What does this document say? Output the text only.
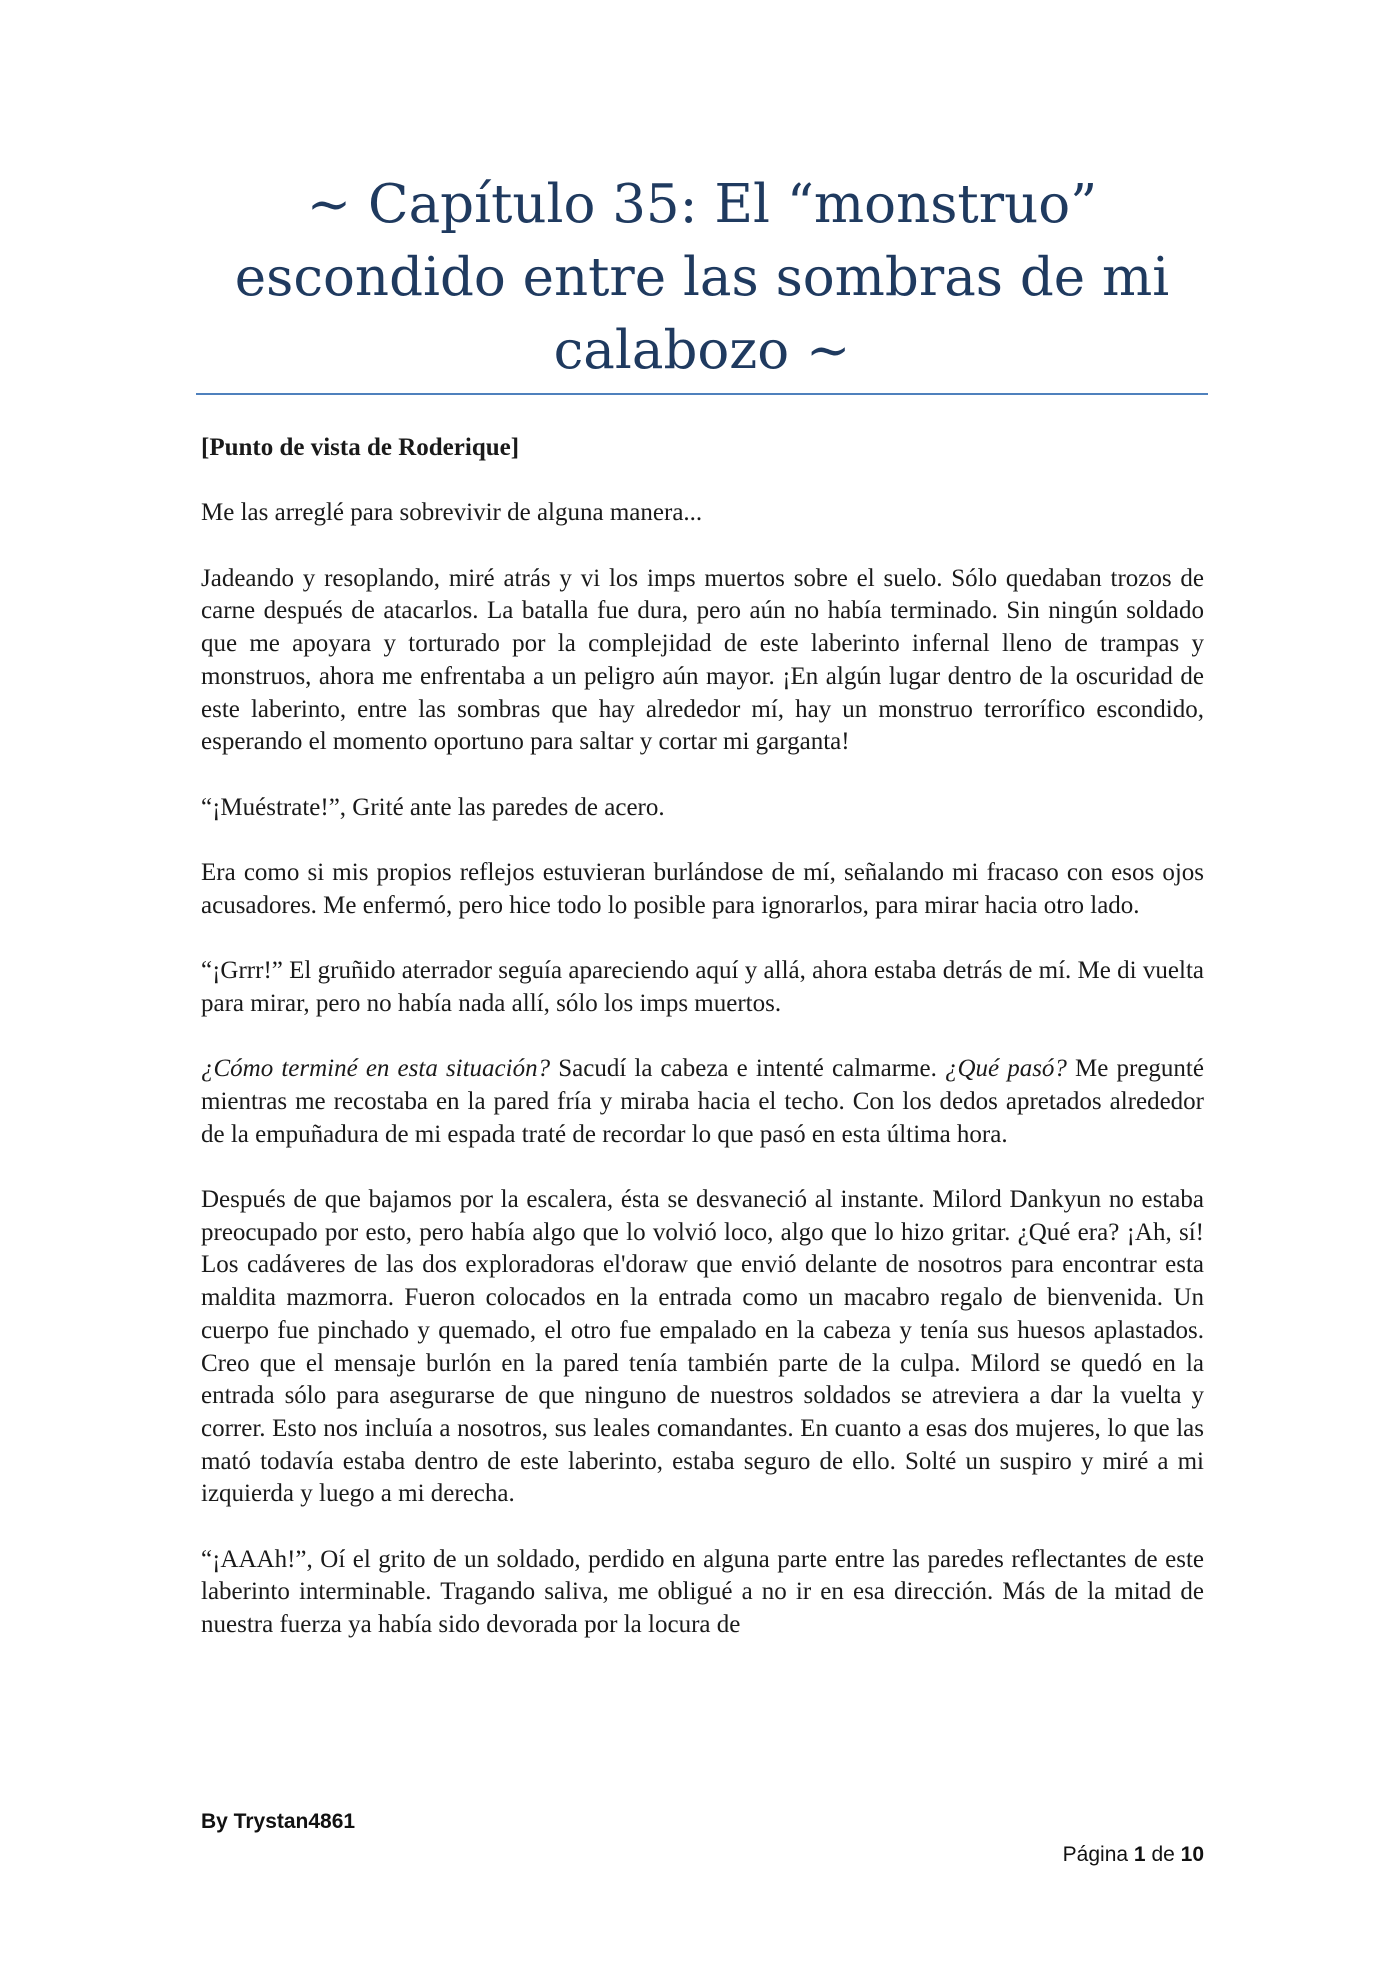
~ Capítulo 35: El “monstruo”
escondido entre las sombras de mi
calabozo ~

[Punto de vista de Roderique]

Me las arreglé para sobrevivir de alguna manera...

Jadeando y resoplando, miré atrás y vi los imps muertos sobre el suelo. Sólo quedaban trozos de carne después de atacarlos. La batalla fue dura, pero aún no había terminado. Sin ningún soldado que me apoyara y torturado por la complejidad de este laberinto infernal lleno de trampas y monstruos, ahora me enfrentaba a un peligro aún mayor. ¡En algún lugar dentro de la oscuridad de este laberinto, entre las sombras que hay alrededor mí, hay un monstruo terrorífico escondido, esperando el momento oportuno para saltar y cortar mi garganta!

“¡Muéstrate!”, Grité ante las paredes de acero.

Era como si mis propios reflejos estuvieran burlándose de mí, señalando mi fracaso con esos ojos acusadores. Me enfermó, pero hice todo lo posible para ignorarlos, para mirar hacia otro lado.

“¡Grrr!” El gruñido aterrador seguía apareciendo aquí y allá, ahora estaba detrás de mí. Me di vuelta para mirar, pero no había nada allí, sólo los imps muertos.

¿Cómo terminé en esta situación? Sacudí la cabeza e intenté calmarme. ¿Qué pasó? Me pregunté mientras me recostaba en la pared fría y miraba hacia el techo. Con los dedos apretados alrededor de la empuñadura de mi espada traté de recordar lo que pasó en esta última hora.

Después de que bajamos por la escalera, ésta se desvaneció al instante. Milord Dankyun no estaba preocupado por esto, pero había algo que lo volvió loco, algo que lo hizo gritar. ¿Qué era? ¡Ah, sí! Los cadáveres de las dos exploradoras el'doraw que envió delante de nosotros para encontrar esta maldita mazmorra. Fueron colocados en la entrada como un macabro regalo de bienvenida. Un cuerpo fue pinchado y quemado, el otro fue empalado en la cabeza y tenía sus huesos aplastados. Creo que el mensaje burlón en la pared tenía también parte de la culpa. Milord se quedó en la entrada sólo para asegurarse de que ninguno de nuestros soldados se atreviera a dar la vuelta y correr. Esto nos incluía a nosotros, sus leales comandantes. En cuanto a esas dos mujeres, lo que las mató todavía estaba dentro de este laberinto, estaba seguro de ello. Solté un suspiro y miré a mi izquierda y luego a mi derecha.

“¡AAAh!”, Oí el grito de un soldado, perdido en alguna parte entre las paredes reflectantes de este laberinto interminable. Tragando saliva, me obligué a no ir en esa dirección. Más de la mitad de nuestra fuerza ya había sido devorada por la locura de

By Trystan4861
Página 1 de 10
